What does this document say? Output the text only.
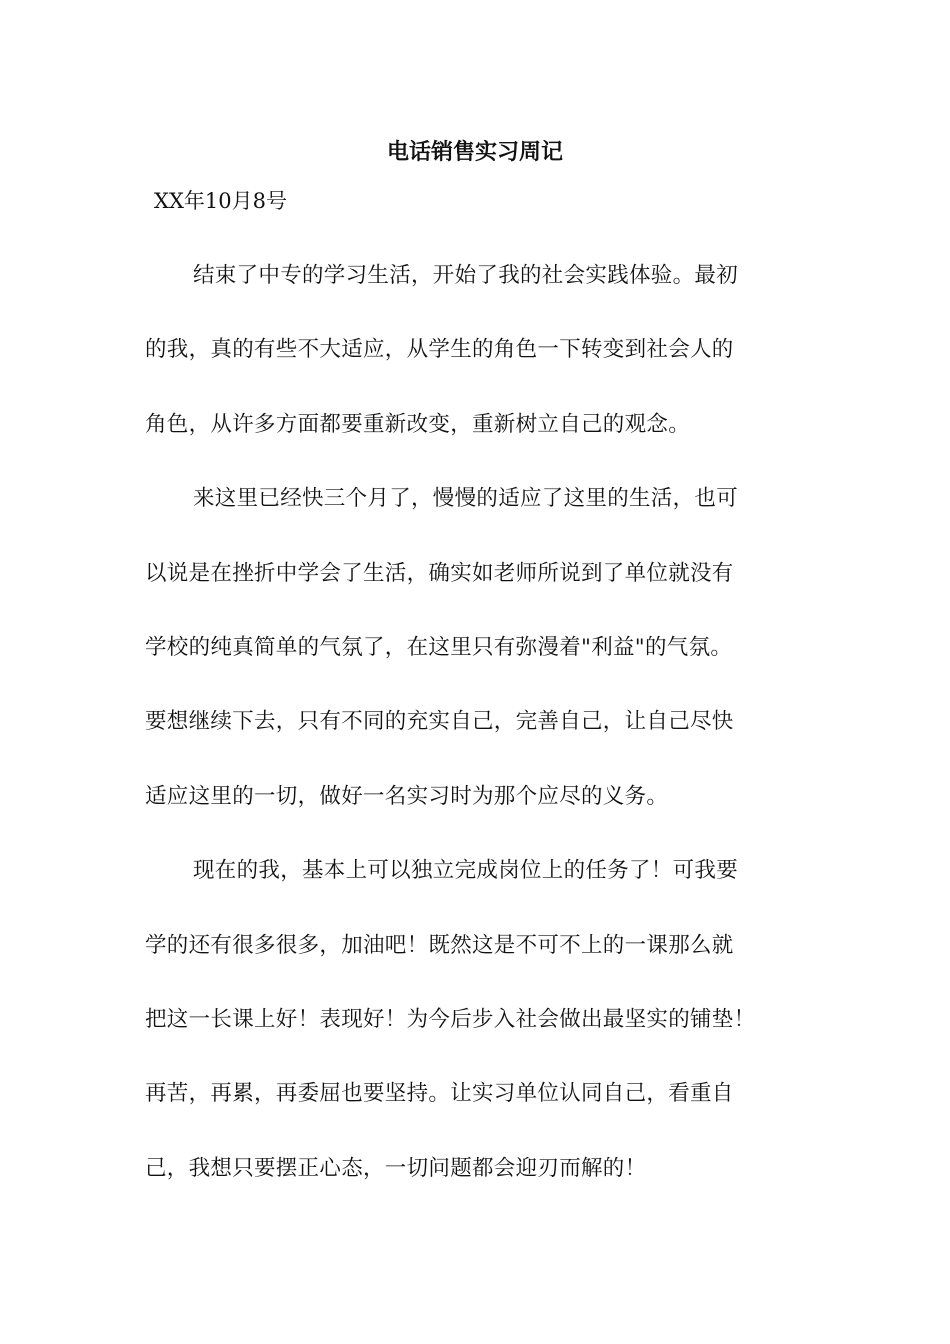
电话销售实习周记

XX年10月8号

结束了中专的学习生活，开始了我的社会实践体验。最初
的我，真的有些不大适应，从学生的角色一下转变到社会人的
角色，从许多方面都要重新改变，重新树立自己的观念。
来这里已经快三个月了，慢慢的适应了这里的生活，也可
以说是在挫折中学会了生活，确实如老师所说到了单位就没有
学校的纯真简单的气氛了，在这里只有弥漫着"利益"的气氛。
要想继续下去，只有不同的充实自己，完善自己，让自己尽快
适应这里的一切，做好一名实习时为那个应尽的义务。
现在的我，基本上可以独立完成岗位上的任务了！可我要
学的还有很多很多，加油吧！既然这是不可不上的一课那么就
把这一长课上好！表现好！为今后步入社会做出最坚实的铺垫！
再苦，再累，再委屈也要坚持。让实习单位认同自己，看重自
己，我想只要摆正心态，一切问题都会迎刃而解的！
